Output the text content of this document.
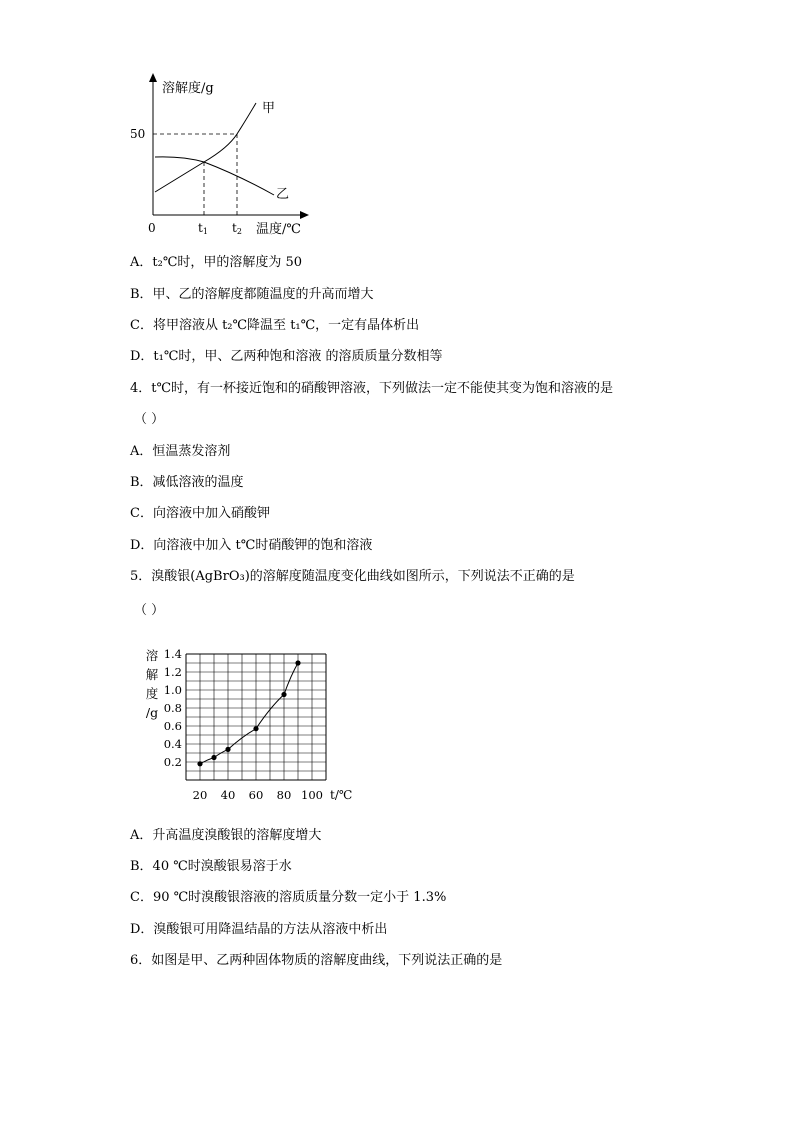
溶解度/g
温度/℃
0
50
t1 t2
甲
乙
A．t₂℃时，甲的溶解度为 50
B．甲、乙的溶解度都随温度的升高而增大
C．将甲溶液从 t₂℃降温至 t₁℃，一定有晶体析出
D．t₁℃时，甲、乙两种饱和溶液 的溶质质量分数相等
4．t℃时，有一杯接近饱和的硝酸钾溶液，下列做法一定不能使其变为饱和溶液的是
（ ）
A．恒温蒸发溶剂
B．减低溶液的温度
C．向溶液中加入硝酸钾
D．向溶液中加入 t℃时硝酸钾的饱和溶液
5．溴酸银(AgBrO₃)的溶解度随温度变化曲线如图所示，下列说法不正确的是
（ ）
0.2
0.4
0.6
0.8
1.0
1.2
1.4
20 40 60 80 100
溶
解
度
/g
t/℃
A．升高温度溴酸银的溶解度增大
B．40 ℃时溴酸银易溶于水
C．90 ℃时溴酸银溶液的溶质质量分数一定小于 1.3%
D．溴酸银可用降温结晶的方法从溶液中析出
6．如图是甲、乙两种固体物质的溶解度曲线，下列说法正确的是
